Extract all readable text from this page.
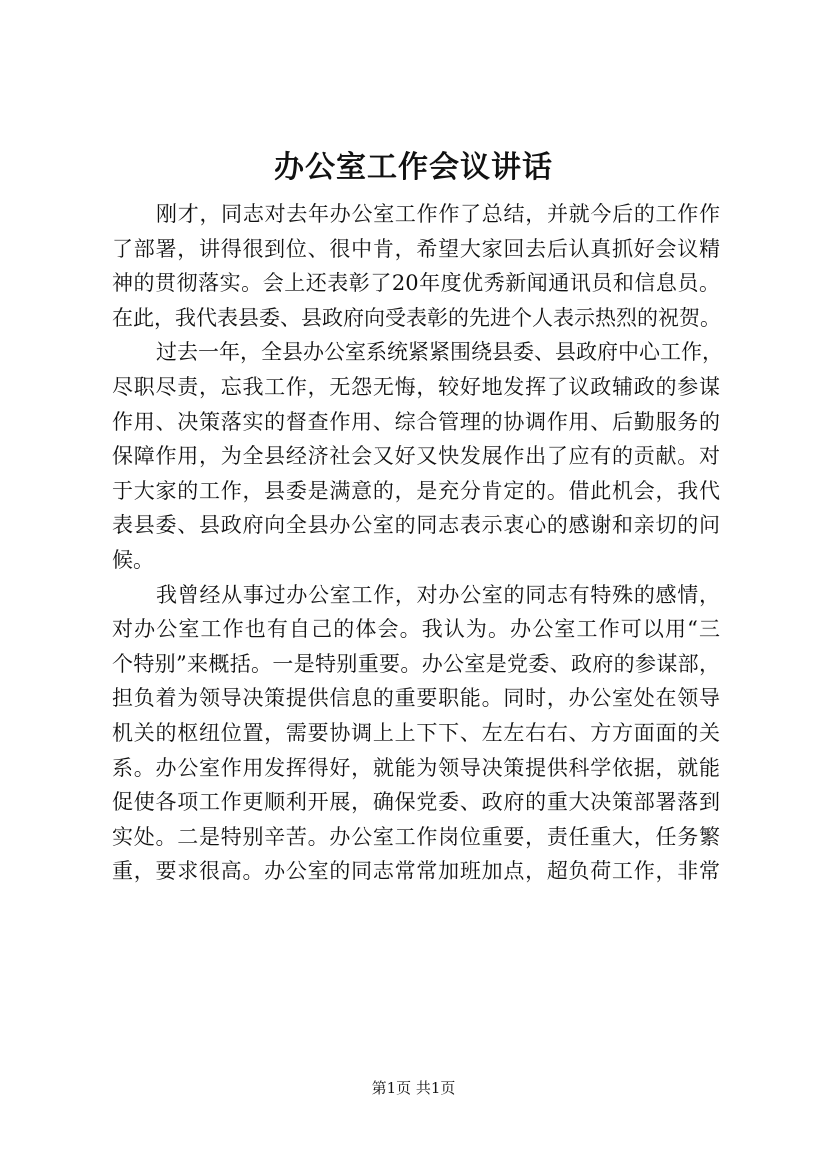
办公室工作会议讲话
刚才，同志对去年办公室工作作了总结，并就今后的工作作
了部署，讲得很到位、很中肯，希望大家回去后认真抓好会议精
神的贯彻落实。会上还表彰了20年度优秀新闻通讯员和信息员。
在此，我代表县委、县政府向受表彰的先进个人表示热烈的祝贺。
过去一年，全县办公室系统紧紧围绕县委、县政府中心工作，
尽职尽责，忘我工作，无怨无悔，较好地发挥了议政辅政的参谋
作用、决策落实的督查作用、综合管理的协调作用、后勤服务的
保障作用，为全县经济社会又好又快发展作出了应有的贡献。对
于大家的工作，县委是满意的，是充分肯定的。借此机会，我代
表县委、县政府向全县办公室的同志表示衷心的感谢和亲切的问
候。
我曾经从事过办公室工作，对办公室的同志有特殊的感情，
对办公室工作也有自己的体会。我认为。办公室工作可以用“三
个特别”来概括。一是特别重要。办公室是党委、政府的参谋部，
担负着为领导决策提供信息的重要职能。同时，办公室处在领导
机关的枢纽位置，需要协调上上下下、左左右右、方方面面的关
系。办公室作用发挥得好，就能为领导决策提供科学依据，就能
促使各项工作更顺利开展，确保党委、政府的重大决策部署落到
实处。二是特别辛苦。办公室工作岗位重要，责任重大，任务繁
重，要求很高。办公室的同志常常加班加点，超负荷工作，非常
第1页 共1页
